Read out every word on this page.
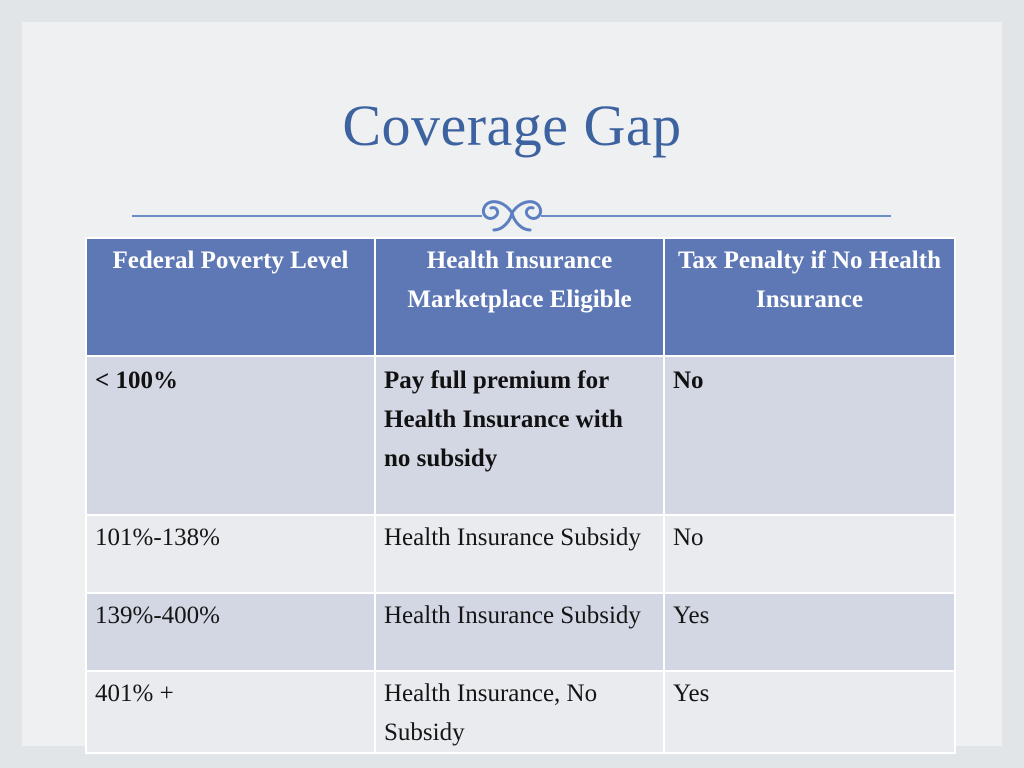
Coverage Gap
Federal Poverty Level	Health Insurance Marketplace Eligible	Tax Penalty if No Health Insurance
< 100%	Pay full premium for Health Insurance with no subsidy	No
101%-138%	Health Insurance Subsidy	No
139%-400%	Health Insurance Subsidy	Yes
401% +	Health Insurance, No Subsidy	Yes
